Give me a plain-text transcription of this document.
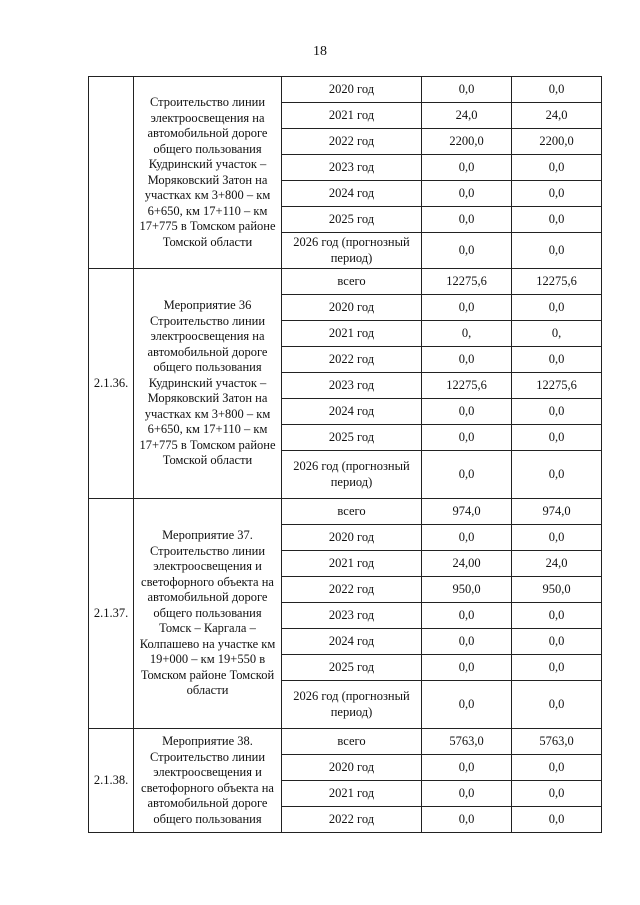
18
	Строительство линии электроосвещения на автомобильной дороге общего пользования Кудринский участок – Моряковский Затон на участках км 3+800 – км 6+650, км 17+110 – км 17+775 в Томском районе Томской области	2020 год	0,0	0,0
		2021 год	24,0	24,0
		2022 год	2200,0	2200,0
		2023 год	0,0	0,0
		2024 год	0,0	0,0
		2025 год	0,0	0,0
		2026 год (прогнозный период)	0,0	0,0
2.1.36.	Мероприятие 36 Строительство линии электроосвещения на автомобильной дороге общего пользования Кудринский участок – Моряковский Затон на участках км 3+800 – км 6+650, км 17+110 – км 17+775 в Томском районе Томской области	всего	12275,6	12275,6
		2020 год	0,0	0,0
		2021 год	0,	0,
		2022 год	0,0	0,0
		2023 год	12275,6	12275,6
		2024 год	0,0	0,0
		2025 год	0,0	0,0
		2026 год (прогнозный период)	0,0	0,0
2.1.37.	Мероприятие 37. Строительство линии электроосвещения и светофорного объекта на автомобильной дороге общего пользования Томск – Каргала – Колпашево на участке км 19+000 – км 19+550 в Томском районе Томской области	всего	974,0	974,0
		2020 год	0,0	0,0
		2021 год	24,00	24,0
		2022 год	950,0	950,0
		2023 год	0,0	0,0
		2024 год	0,0	0,0
		2025 год	0,0	0,0
		2026 год (прогнозный период)	0,0	0,0
2.1.38.	Мероприятие 38. Строительство линии электроосвещения и светофорного объекта на автомобильной дороге общего пользования	всего	5763,0	5763,0
		2020 год	0,0	0,0
		2021 год	0,0	0,0
		2022 год	0,0	0,0
